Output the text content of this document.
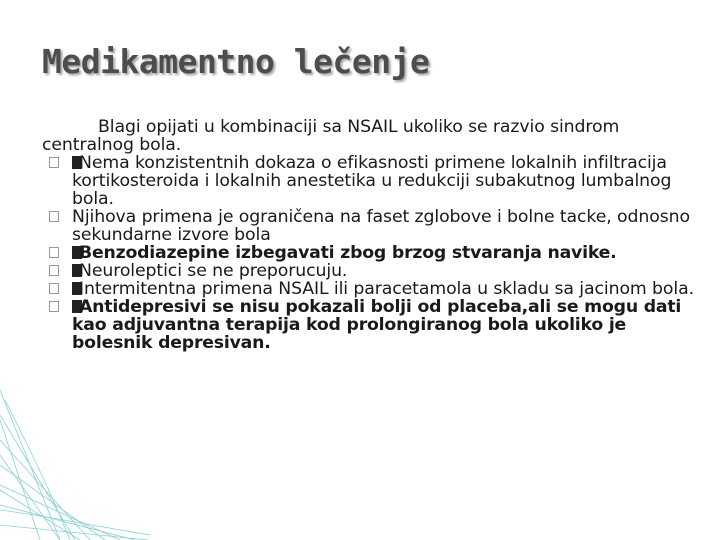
Medikamentno lečenje

Blagi opijati u kombinaciji sa NSAIL ukoliko se razvio sindrom centralnog bola.

Nema konzistentnih dokaza o efikasnosti primene lokalnih infiltracija kortikosteroida i lokalnih anestetika u redukciji subakutnog lumbalnog bola.
Njihova primena je ograničena na faset zglobove i bolne tacke, odnosno sekundarne izvore bola
Benzodiazepine izbegavati zbog brzog stvaranja navike.
Neuroleptici se ne preporucuju.
Intermitentna primena NSAIL ili paracetamola u skladu sa jacinom bola.
Antidepresivi se nisu pokazali bolji od placeba,ali se mogu dati kao adjuvantna terapija kod prolongiranog bola ukoliko je bolesnik depresivan.
